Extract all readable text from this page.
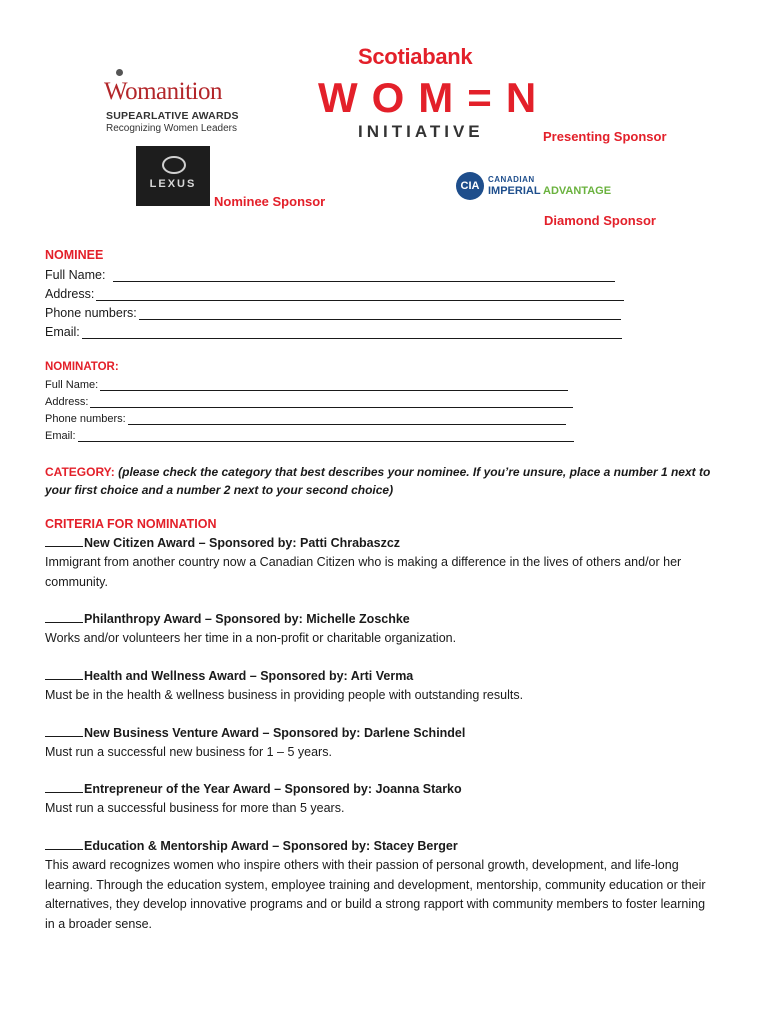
Womanition
SUPEARLATIVE AWARDS
Recognizing Women Leaders
Scotiabank
WOM=N
INITIATIVE	Presenting Sponsor
LEXUS
Nominee Sponsor
CIA
CANADIAN
IMPERIAL ADVANTAGE
Diamond Sponsor
NOMINEE
Full Name:
Address:
Phone numbers:
Email:
NOMINATOR:
Full Name:
Address:
Phone numbers:
Email:
CATEGORY: (please check the category that best describes your nominee. If you’re unsure, place a number 1 next to your first choice and a number 2 next to your second choice)
CRITERIA FOR NOMINATION
New Citizen Award – Sponsored by: Patti Chrabaszcz
Immigrant from another country now a Canadian Citizen who is making a difference in the lives of others and/or her community.
Philanthropy Award – Sponsored by: Michelle Zoschke
Works and/or volunteers her time in a non-profit or charitable organization.
Health and Wellness Award – Sponsored by: Arti Verma
Must be in the health & wellness business in providing people with outstanding results.
New Business Venture Award – Sponsored by: Darlene Schindel
Must run a successful new business for 1 – 5 years.
Entrepreneur of the Year Award – Sponsored by: Joanna Starko
Must run a successful business for more than 5 years.
Education & Mentorship Award – Sponsored by: Stacey Berger
This award recognizes women who inspire others with their passion of personal growth, development, and life-long learning. Through the education system, employee training and development, mentorship, community education or their alternatives, they develop innovative programs and or build a strong rapport with community members to foster learning in a broader sense.
